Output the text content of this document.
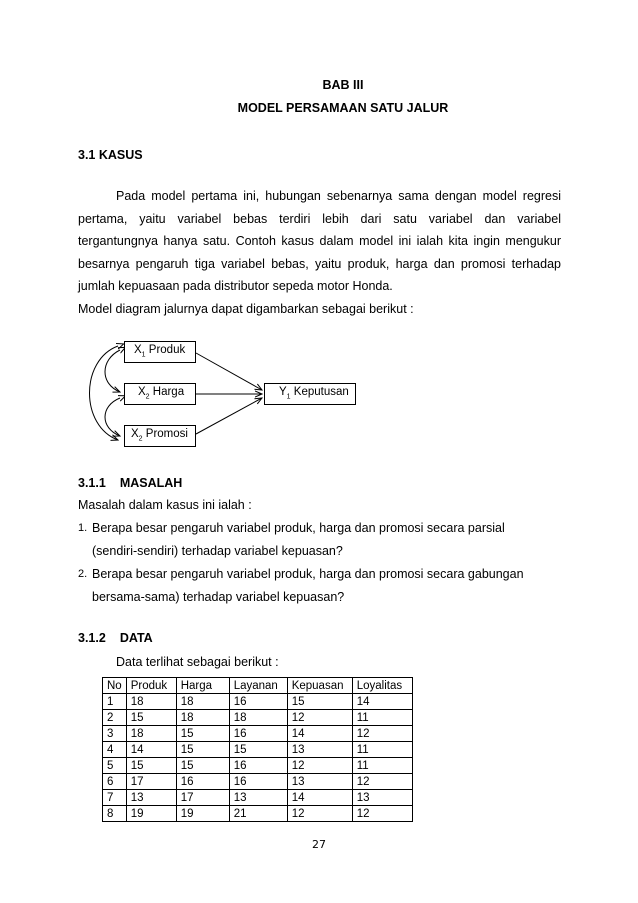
BAB III
MODEL PERSAMAAN SATU JALUR
3.1 KASUS
Pada model pertama ini, hubungan sebenarnya sama dengan model regresi
pertama, yaitu variabel bebas terdiri lebih dari satu variabel dan variabel
tergantungnya hanya satu. Contoh kasus dalam model ini ialah kita ingin mengukur
besarnya pengaruh tiga variabel bebas, yaitu produk, harga dan promosi terhadap
jumlah kepuasaan pada distributor sepeda motor Honda.
Model diagram jalurnya dapat digambarkan sebagai berikut :
$X_1$ Produk
$X_2$ Harga
$X_2$ Promosi
$Y_1$ Keputusan
3.1.1 MASALAH
Masalah dalam kasus ini ialah :
1. Berapa besar pengaruh variabel produk, harga dan promosi secara parsial
(sendiri-sendiri) terhadap variabel kepuasan?
2. Berapa besar pengaruh variabel produk, harga dan promosi secara gabungan
bersama-sama) terhadap variabel kepuasan?
3.1.2 DATA
Data terlihat sebagai berikut :
No	Produk	Harga	Layanan	Kepuasan	Loyalitas
1	18	18	16	15	14
2	15	18	18	12	11
3	18	15	16	14	12
4	14	15	15	13	11
5	15	15	16	12	11
6	17	16	16	13	12
7	13	17	13	14	13
8	19	19	21	12	12
27
